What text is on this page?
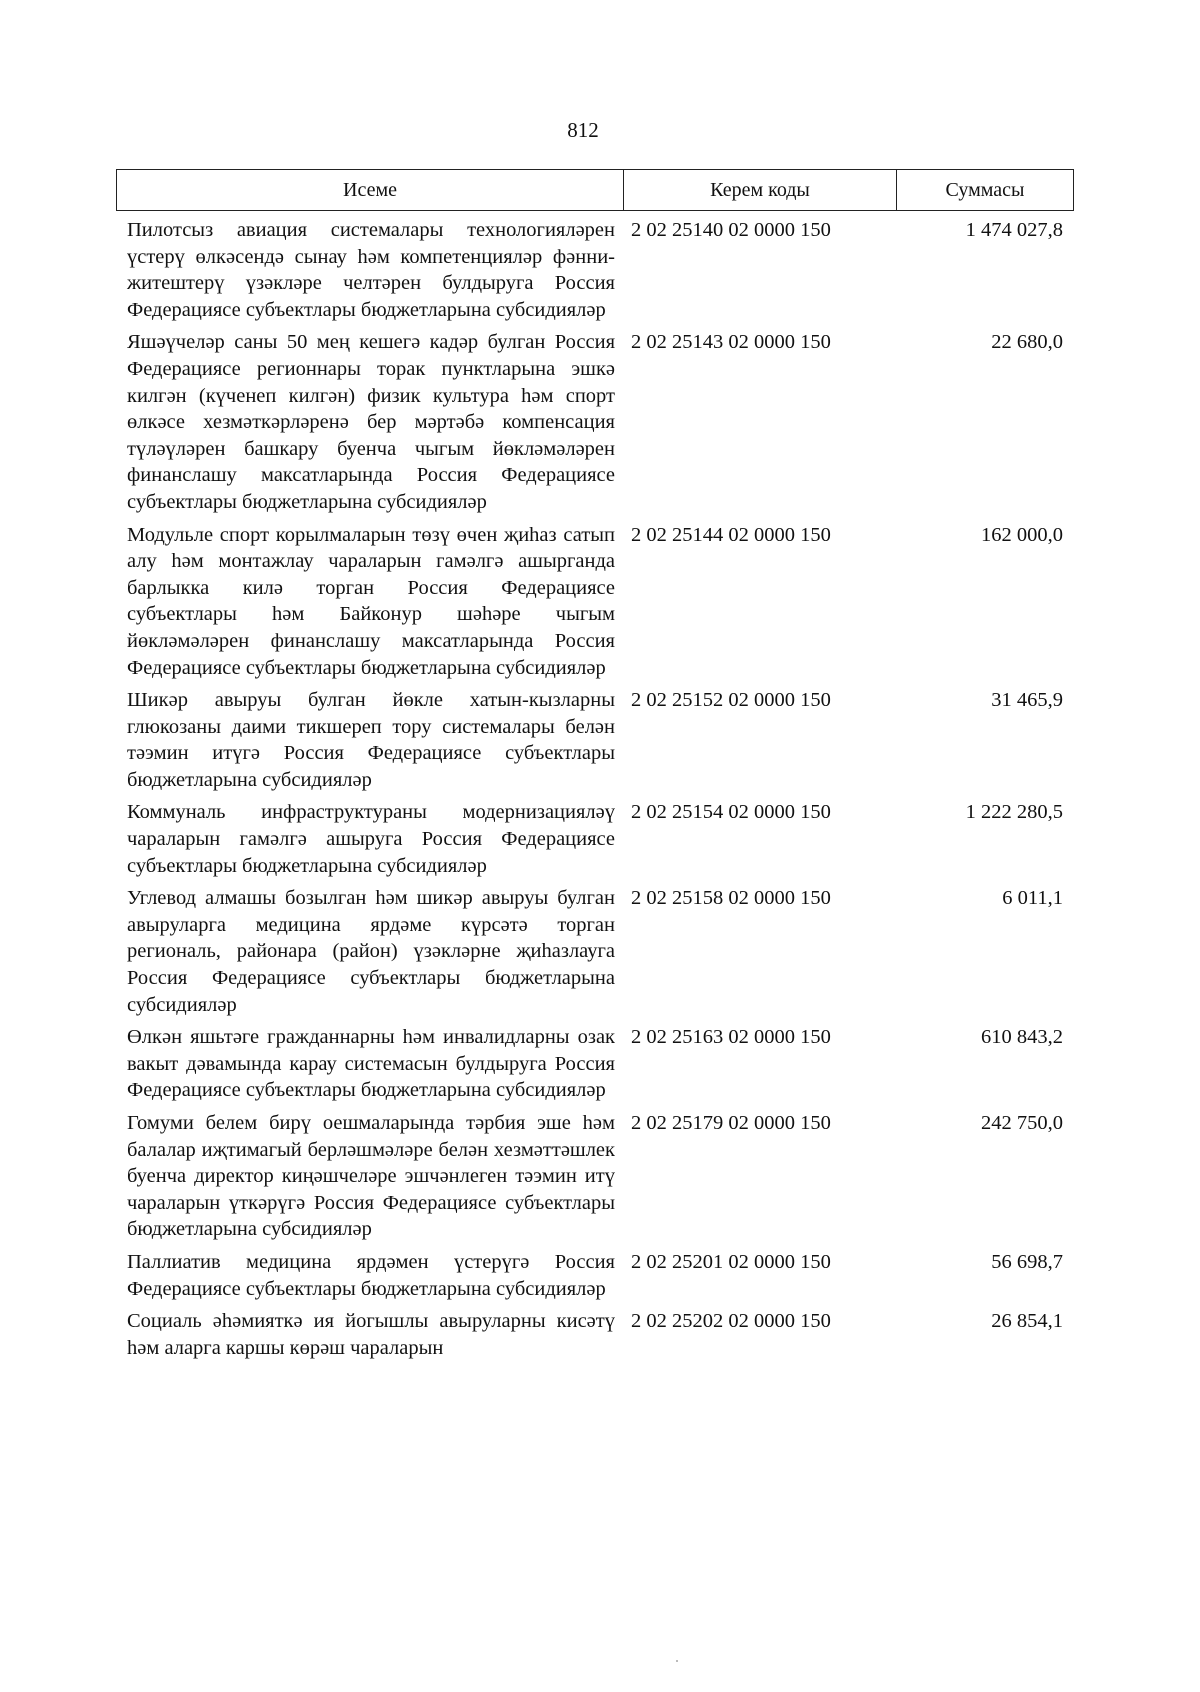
812
Исеме	Керем коды	Суммасы
Пилотсыз авиация системалары технологияләрен үстерү өлкәсендә сынау һәм компетенцияләр фәнни-житештерү үзәкләре челтәрен булдыруга Россия Федерациясе субъектлары бюджетларына субсидияләр
2 02 25140 02 0000 150	1 474 027,8
Яшәүчеләр саны 50 мең кешегә кадәр булган Россия Федерациясе регионнары торак пунктларына эшкә килгән (күченеп килгән) физик культура һәм спорт өлкәсе хезмәткәрләренә бер мәртәбә компенсация түләүләрен башкару буенча чыгым йөкләмәләрен финанслашу максатларында Россия Федерациясе субъектлары бюджетларына субсидияләр
2 02 25143 02 0000 150	22 680,0
Модульле спорт корылмаларын төзү өчен җиһаз сатып алу һәм монтажлау чараларын гамәлгә ашырганда барлыкка килә торган Россия Федерациясе субъектлары һәм Байконур шәһәре чыгым йөкләмәләрен финанслашу максатларында Россия Федерациясе субъектлары бюджетларына субсидияләр
2 02 25144 02 0000 150	162 000,0
Шикәр авыруы булган йөкле хатын-кызларны глюкозаны даими тикшереп тору системалары белән тәэмин итүгә Россия Федерациясе субъектлары бюджетларына субсидияләр
2 02 25152 02 0000 150	31 465,9
Коммуналь инфраструктураны модернизацияләү чараларын гамәлгә ашыруга Россия Федерациясе субъектлары бюджетларына субсидияләр
2 02 25154 02 0000 150	1 222 280,5
Углевод алмашы бозылган һәм шикәр авыруы булган авыруларга медицина ярдәме күрсәтә торган региональ, районара (район) үзәкләрне җиһазлауга Россия Федерациясе субъектлары бюджетларына субсидияләр
2 02 25158 02 0000 150	6 011,1
Өлкән яшьтәге гражданнарны һәм инвалидларны озак вакыт дәвамында карау системасын булдыруга Россия Федерациясе субъектлары бюджетларына субсидияләр
2 02 25163 02 0000 150	610 843,2
Гомуми белем бирү оешмаларында тәрбия эше һәм балалар иҗтимагый берләшмәләре белән хезмәттәшлек буенча директор киңәшчеләре эшчәнлеген тәэмин итү чараларын үткәрүгә Россия Федерациясе субъектлары бюджетларына субсидияләр
2 02 25179 02 0000 150	242 750,0
Паллиатив медицина ярдәмен үстерүгә Россия Федерациясе субъектлары бюджетларына субсидияләр
2 02 25201 02 0000 150	56 698,7
Социаль әһәмияткә ия йогышлы авыруларны кисәтү һәм аларга каршы көрәш чараларын
2 02 25202 02 0000 150	26 854,1
